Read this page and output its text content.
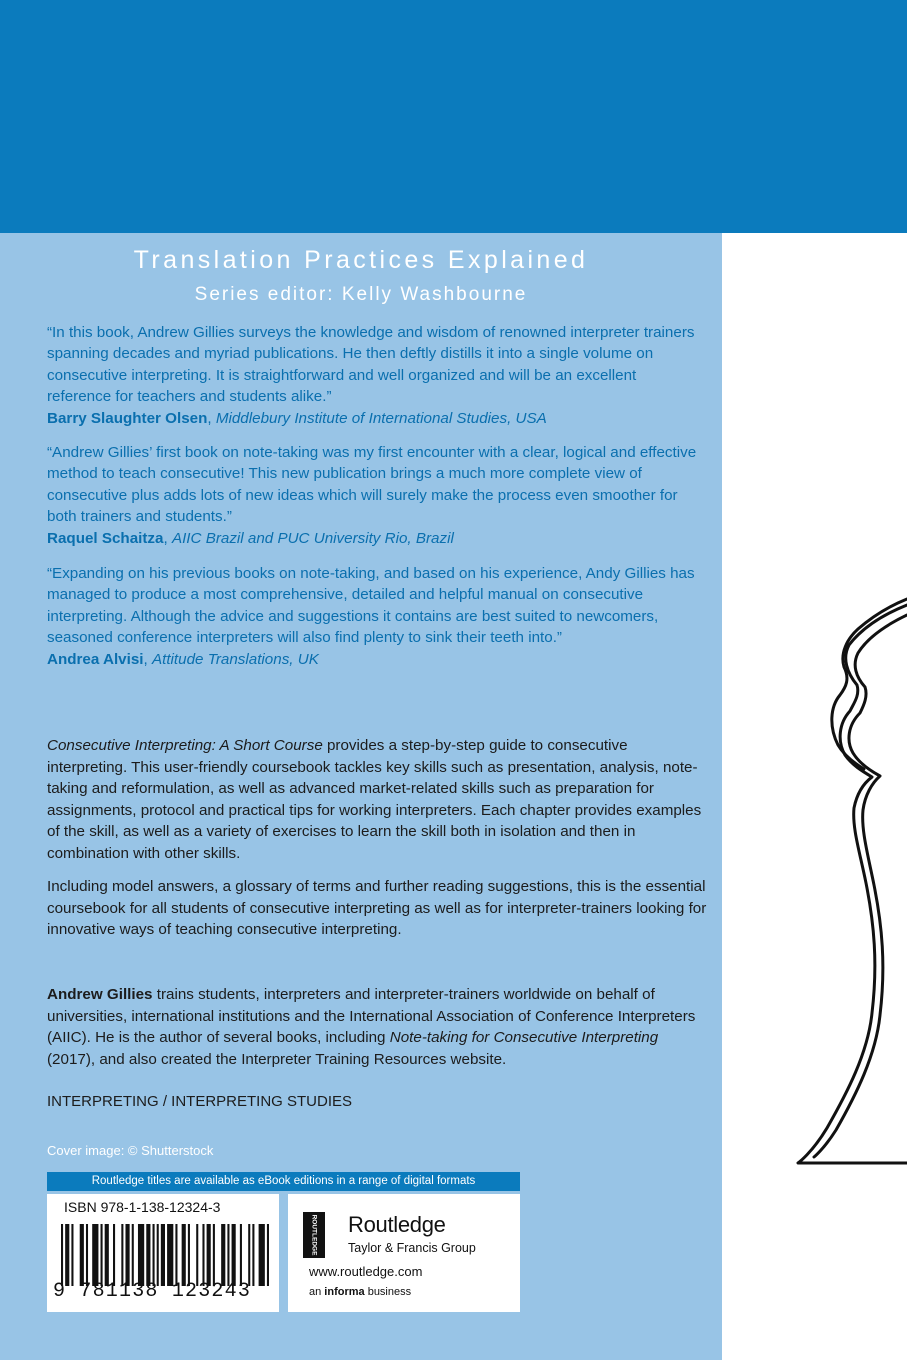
Translation Practices Explained
Series editor: Kelly Washbourne
“In this book, Andrew Gillies surveys the knowledge and wisdom of renowned interpreter trainers spanning decades and myriad publications. He then deftly distills it into a single volume on consecutive interpreting. It is straightforward and well organized and will be an excellent reference for teachers and students alike.”
Barry Slaughter Olsen, Middlebury Institute of International Studies, USA
“Andrew Gillies’ first book on note-taking was my first encounter with a clear, logical and effective method to teach consecutive! This new publication brings a much more complete view of consecutive plus adds lots of new ideas which will surely make the process even smoother for both trainers and students.”
Raquel Schaitza, AIIC Brazil and PUC University Rio, Brazil
“Expanding on his previous books on note-taking, and based on his experience, Andy Gillies has managed to produce a most comprehensive, detailed and helpful manual on consecutive interpreting. Although the advice and suggestions it contains are best suited to newcomers, seasoned conference interpreters will also find plenty to sink their teeth into.”
Andrea Alvisi, Attitude Translations, UK
Consecutive Interpreting: A Short Course provides a step-by-step guide to consecutive interpreting. This user-friendly coursebook tackles key skills such as presentation, analysis, note-taking and reformulation, as well as advanced market-related skills such as preparation for assignments, protocol and practical tips for working interpreters. Each chapter provides examples of the skill, as well as a variety of exercises to learn the skill both in isolation and then in combination with other skills.
Including model answers, a glossary of terms and further reading suggestions, this is the essential coursebook for all students of consecutive interpreting as well as for interpreter-trainers looking for innovative ways of teaching consecutive interpreting.
Andrew Gillies trains students, interpreters and interpreter-trainers worldwide on behalf of universities, international institutions and the International Association of Conference Interpreters (AIIC). He is the author of several books, including Note-taking for Consecutive Interpreting (2017), and also created the Interpreter Training Resources website.
INTERPRETING / INTERPRETING STUDIES
Cover image: © Shutterstock
Routledge titles are available as eBook editions in a range of digital formats
ISBN 978-1-138-12324-3
9 781138 123243
ROUTLEDGE Routledge
Taylor & Francis Group
www.routledge.com
an informa business
